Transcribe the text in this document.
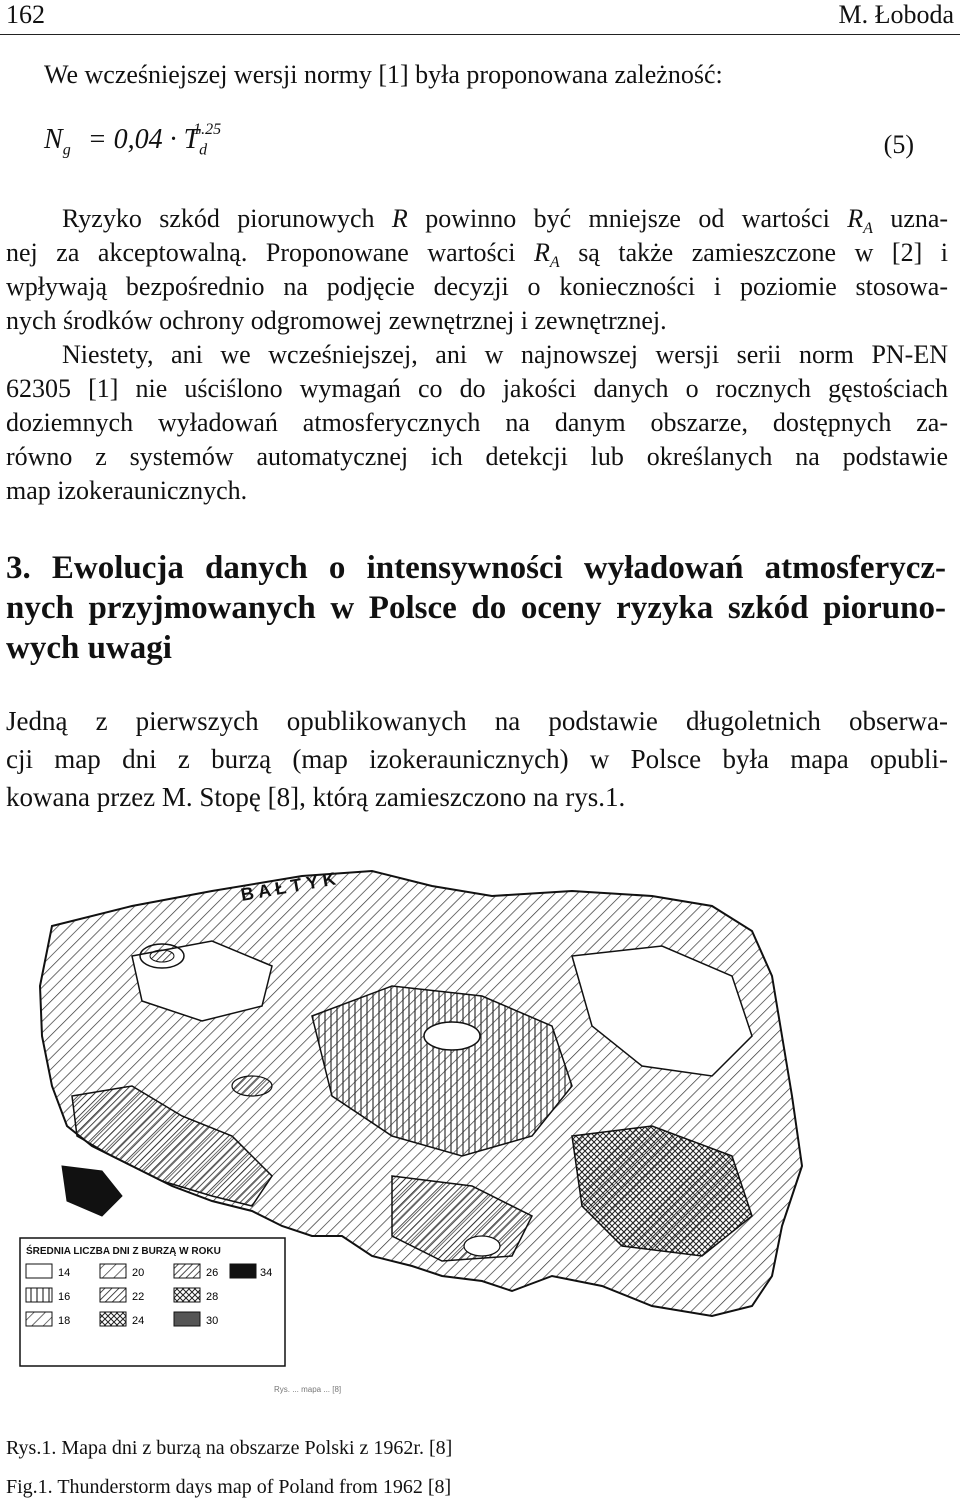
162	M. Łoboda
We wcześniejszej wersji normy [1] była proponowana zależność:
$N_g = 0,04 \cdot T_d^{1.25}$
(5)
Ryzyko szkód piorunowych R powinno być mniejsze od wartości $R_A$ uzna-
nej za akceptowalną. Proponowane wartości $R_A$ są także zamieszczone w [2] i
wpływają bezpośrednio na podjęcie decyzji o konieczności i poziomie stosowa-
nych środków ochrony odgromowej zewnętrznej i zewnętrznej.
Niestety, ani we wcześniejszej, ani w najnowszej wersji serii norm PN-EN
62305 [1] nie uściślono wymagań co do jakości danych o rocznych gęstościach
doziemnych wyładowań atmosferycznych na danym obszarze, dostępnych za-
równo z systemów automatycznej ich detekcji lub określanych na podstawie
map izokeraunicznych.
3. Ewolucja danych o intensywności wyładowań atmosferycz-
nych przyjmowanych w Polsce do oceny ryzyka szkód pioruno-
wych uwagi
Jedną z pierwszych opublikowanych na podstawie długoletnich obserwa-
cji map dni z burzą (map izokeraunicznych) w Polsce była mapa opubli-
kowana przez M. Stopę [8], którą zamieszczono na rys.1.
B A Ł T Y K
ŚREDNIA LICZBA DNI Z BURZĄ W ROKU
14
16
18
20
22
24
26
28
30
34
Rys. ... mapa ... [8]
Rys.1. Mapa dni z burzą na obszarze Polski z 1962r. [8]
Fig.1. Thunderstorm days map of Poland from 1962 [8]
